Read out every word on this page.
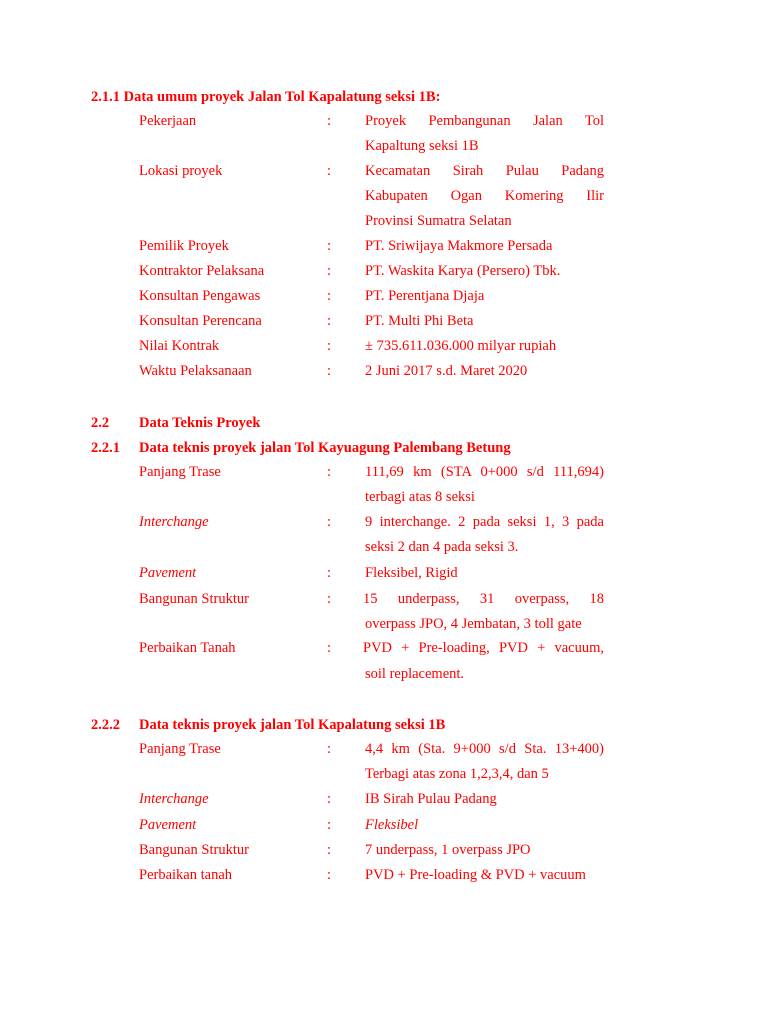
2.1.1 Data umum proyek Jalan Tol Kapalatung seksi 1B:
Pekerjaan	: Proyek Pembangunan Jalan Tol
Kapaltung seksi 1B
Lokasi proyek	: Kecamatan Sirah Pulau Padang
Kabupaten Ogan Komering Ilir
Provinsi Sumatra Selatan
Pemilik Proyek	: PT. Sriwijaya Makmore Persada
Kontraktor Pelaksana	: PT. Waskita Karya (Persero) Tbk.
Konsultan Pengawas	: PT. Perentjana Djaja
Konsultan Perencana	: PT. Multi Phi Beta
Nilai Kontrak	: ± 735.611.036.000 milyar rupiah
Waktu Pelaksanaan	: 2 Juni 2017 s.d. Maret 2020
2.2 Data Teknis Proyek
2.2.1 Data teknis proyek jalan Tol Kayuagung Palembang Betung
Panjang Trase	: 111,69 km (STA 0+000 s/d 111,694)
terbagi atas 8 seksi
Interchange	: 9 interchange. 2 pada seksi 1, 3 pada
seksi 2 dan 4 pada seksi 3.
Pavement	: Fleksibel, Rigid
Bangunan Struktur	: 15 underpass, 31 overpass, 18
overpass JPO, 4 Jembatan, 3 toll gate
Perbaikan Tanah	: PVD + Pre-loading, PVD + vacuum,
soil replacement.
2.2.2 Data teknis proyek jalan Tol Kapalatung seksi 1B
Panjang Trase	: 4,4 km (Sta. 9+000 s/d Sta. 13+400)
Terbagi atas zona 1,2,3,4, dan 5
Interchange	: IB Sirah Pulau Padang
Pavement	: Fleksibel
Bangunan Struktur	: 7 underpass, 1 overpass JPO
Perbaikan tanah	: PVD + Pre-loading & PVD + vacuum
